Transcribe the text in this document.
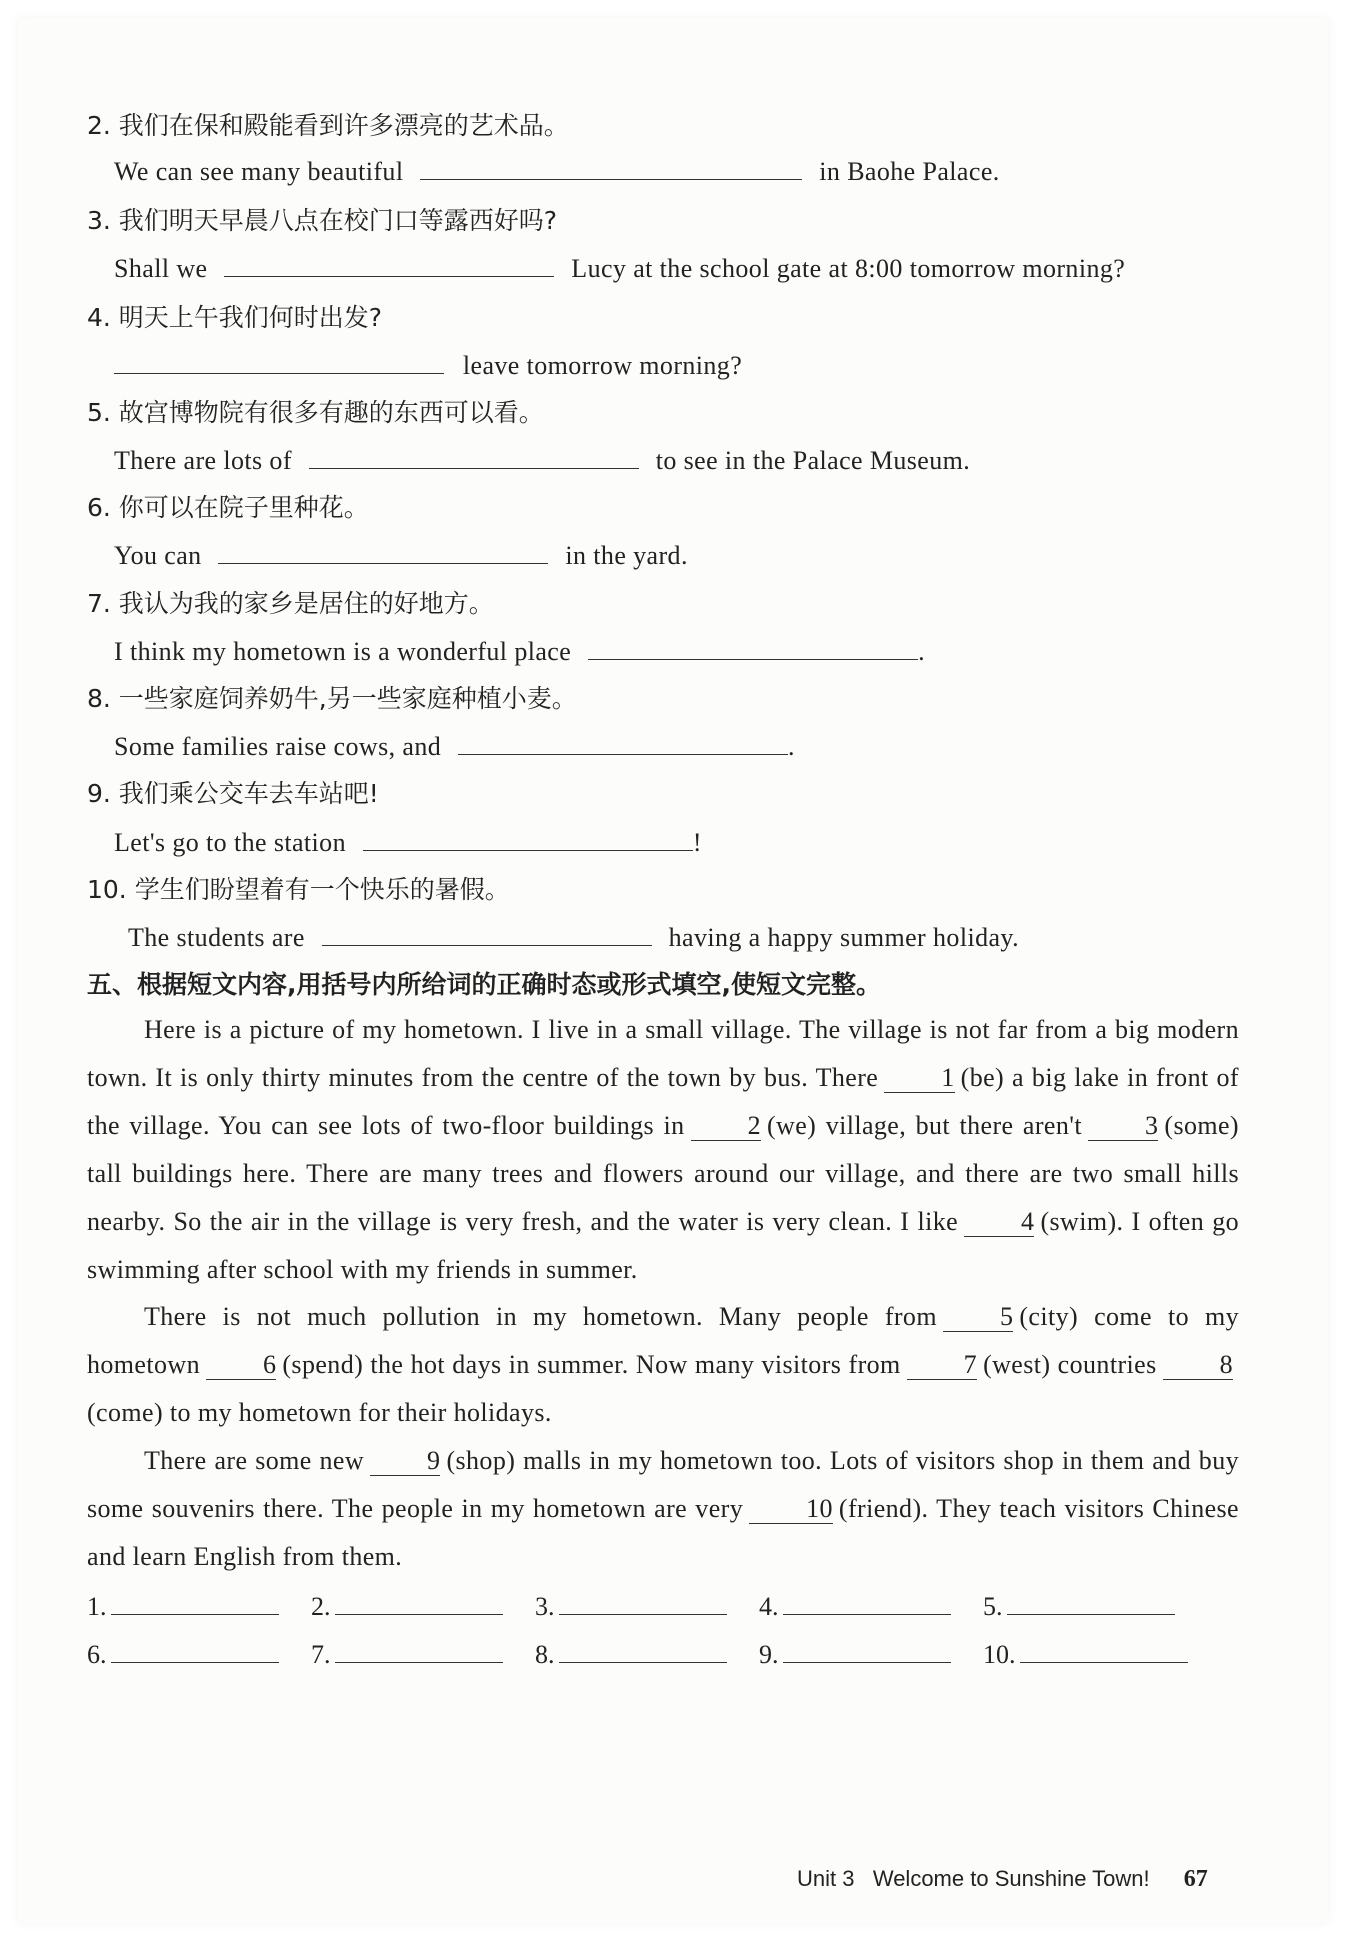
2. 我们在保和殿能看到许多漂亮的艺术品。
We can see many beautiful	in Baohe Palace.
3. 我们明天早晨八点在校门口等露西好吗?
Shall we	Lucy at the school gate at 8:00 tomorrow morning?
4. 明天上午我们何时出发?
leave tomorrow morning?
5. 故宫博物院有很多有趣的东西可以看。
There are lots of	to see in the Palace Museum.
6. 你可以在院子里种花。
You can	in the yard.
7. 我认为我的家乡是居住的好地方。
I think my hometown is a wonderful place	.
8. 一些家庭饲养奶牛,另一些家庭种植小麦。
Some families raise cows, and	.
9. 我们乘公交车去车站吧!
Let's go to the station	!
10. 学生们盼望着有一个快乐的暑假。
The students are	having a happy summer holiday.
五、根据短文内容,用括号内所给词的正确时态或形式填空,使短文完整。
Here is a picture of my hometown. I live in a small village. The village is not far from a big modern town. It is only thirty minutes from the centre of the town by bus. There 1 (be) a big lake in front of the village. You can see lots of two-floor buildings in 2 (we) village, but there aren't 3 (some) tall buildings here. There are many trees and flowers around our village, and there are two small hills nearby. So the air in the village is very fresh, and the water is very clean. I like 4 (swim). I often go swimming after school with my friends in summer.
There is not much pollution in my hometown. Many people from 5 (city) come to my hometown 6 (spend) the hot days in summer. Now many visitors from 7 (west) countries 8(come) to my hometown for their holidays.
There are some new 9 (shop) malls in my hometown too. Lots of visitors shop in them and buy some souvenirs there. The people in my hometown are very 10 (friend). They teach visitors Chinese and learn English from them.
1.	2.	3.	4.	5.
6.	7.	8.	9.	10.
Unit 3 Welcome to Sunshine Town! 67
